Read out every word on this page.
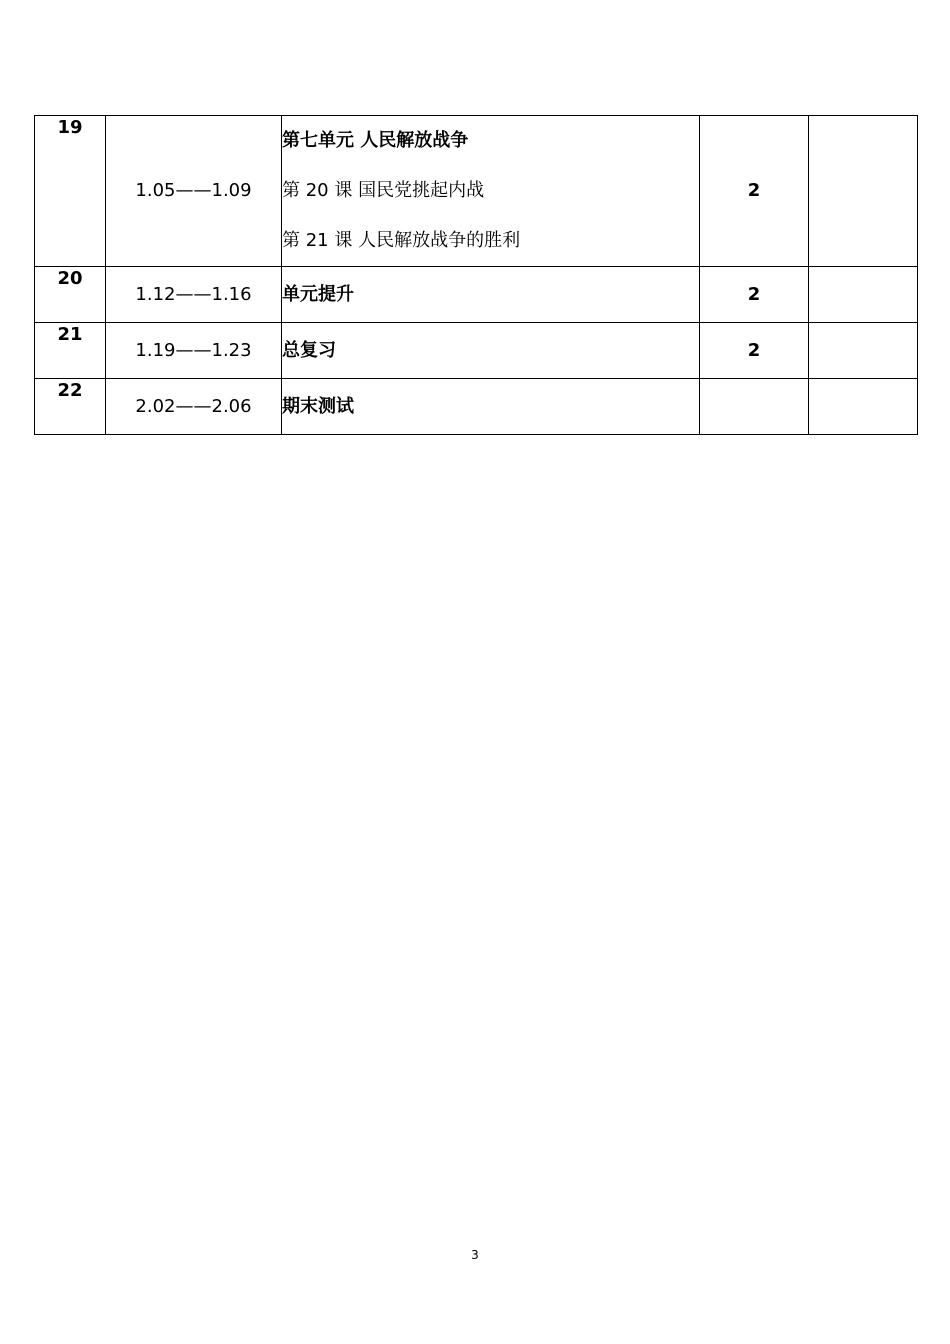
19	1.05——1.09	第七单元 人民解放战争
第 20 课 国民党挑起内战
第 21 课 人民解放战争的胜利	2	
20	1.12——1.16	单元提升	2	
21	1.19——1.23	总复习	2	
22	2.02——2.06	期末测试		
3
